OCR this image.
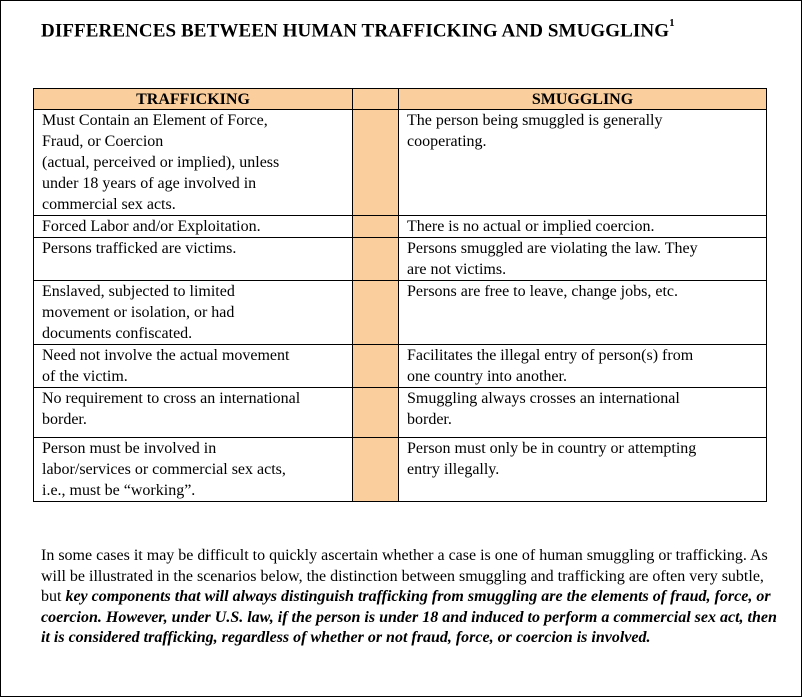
DIFFERENCES BETWEEN HUMAN TRAFFICKING AND SMUGGLING$^1$
TRAFFICKING		SMUGGLING

Must Contain an Element of Force,
Fraud, or Coercion
(actual, perceived or implied), unless
under 18 years of age involved in
commercial sex acts.		The person being smuggled is generally
cooperating.

Forced Labor and/or Exploitation.		There is no actual or implied coercion.

Persons trafficked are victims.		Persons smuggled are violating the law. They
are not victims.

Enslaved, subjected to limited
movement or isolation, or had
documents confiscated.		Persons are free to leave, change jobs, etc.

Need not involve the actual movement
of the victim.		Facilitates the illegal entry of person(s) from
one country into another.

No requirement to cross an international
border.		Smuggling always crosses an international
border.

Person must be involved in
labor/services or commercial sex acts,
i.e., must be “working”.		Person must only be in country or attempting
entry illegally.
In some cases it may be difficult to quickly ascertain whether a case is one of human smuggling or trafficking. As will be illustrated in the scenarios below, the distinction between smuggling and trafficking are often very subtle, but key components that will always distinguish trafficking from smuggling are the elements of fraud, force, or coercion. However, under U.S. law, if the person is under 18 and induced to perform a commercial sex act, then it is considered trafficking, regardless of whether or not fraud, force, or coercion is involved.
